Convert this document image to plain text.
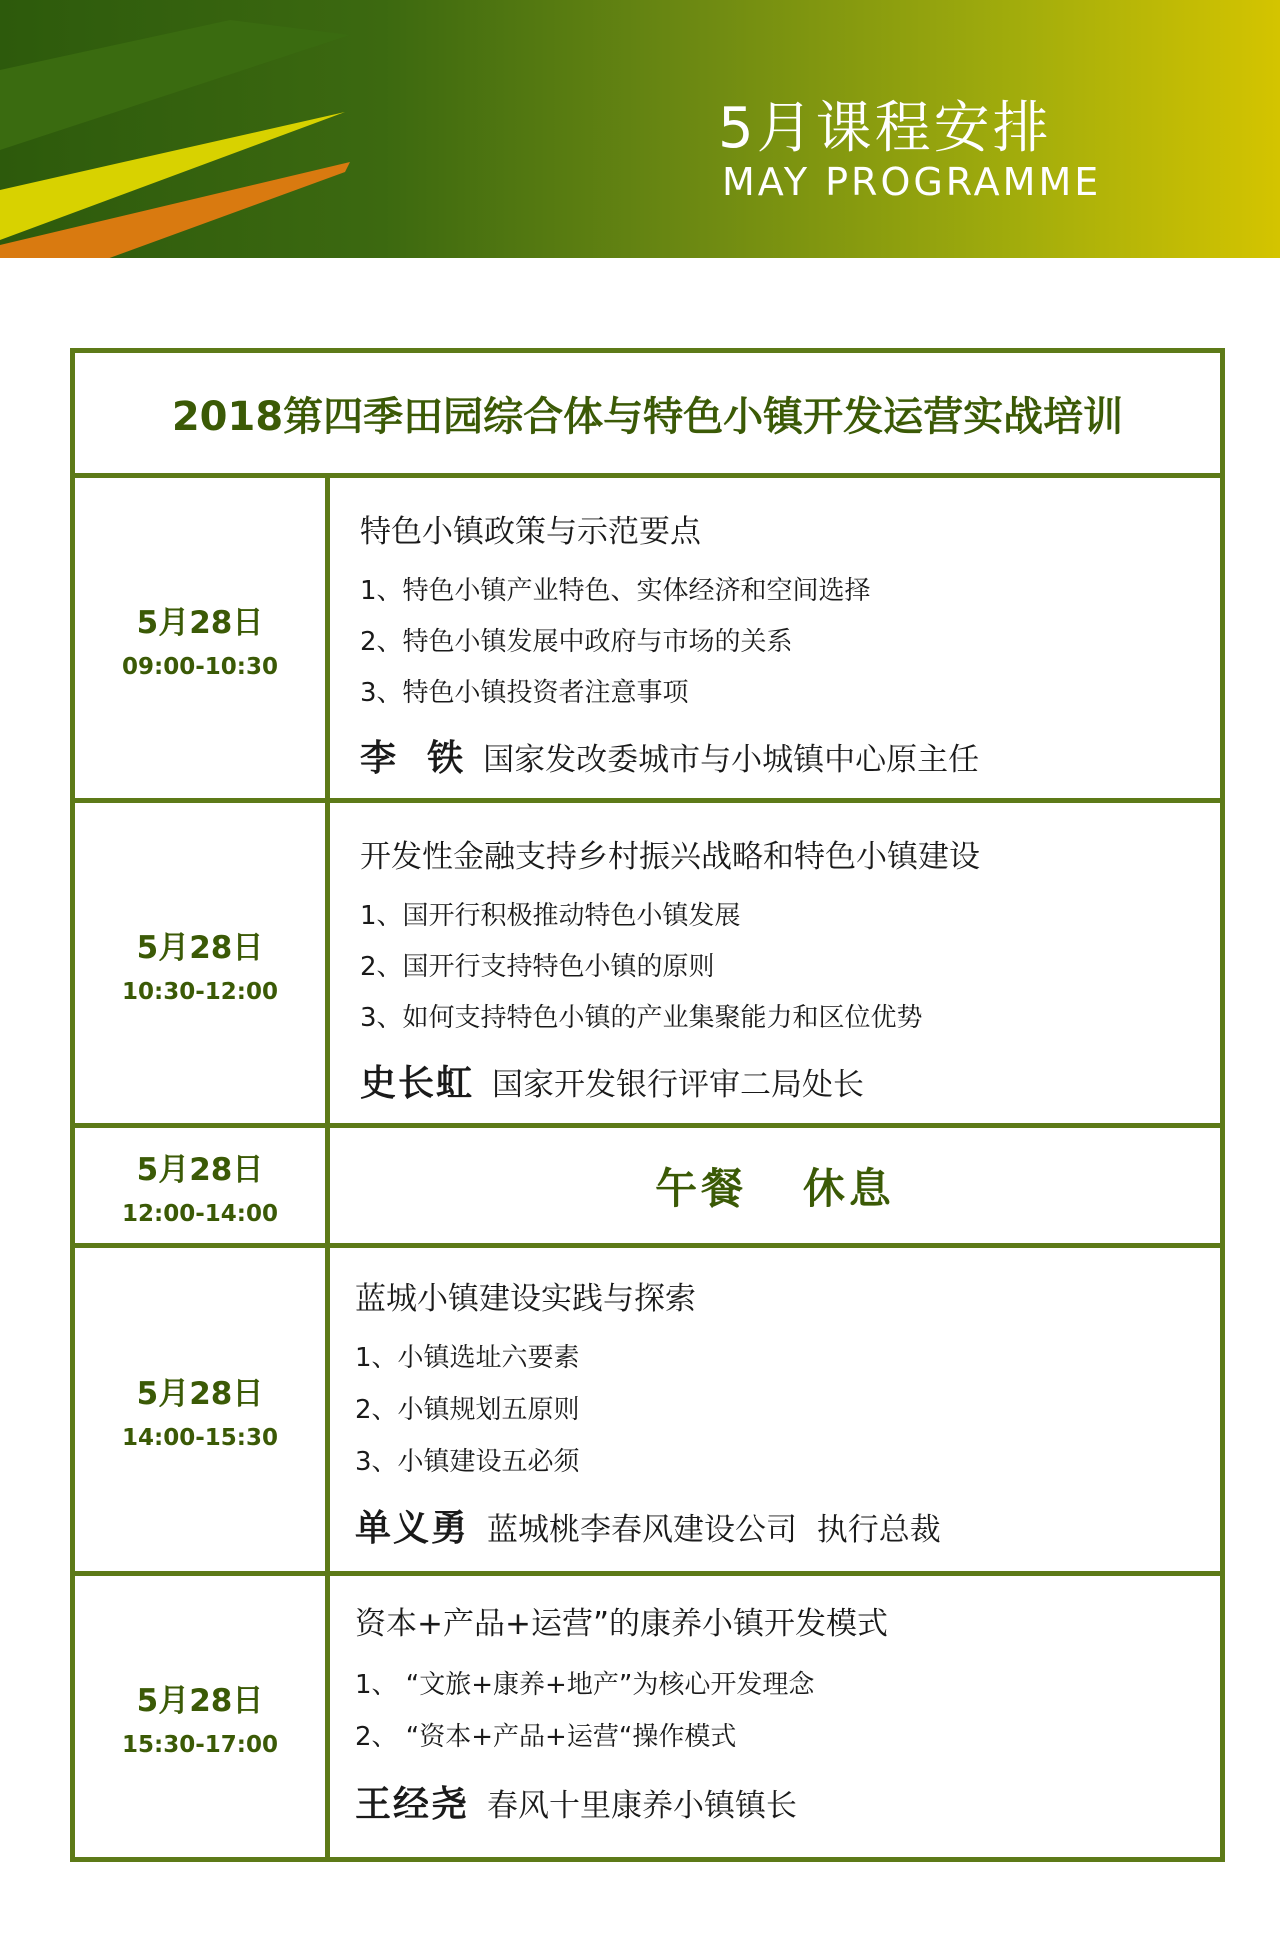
5月课程安排
MAY PROGRAMME
2018第四季田园综合体与特色小镇开发运营实战培训
5月28日
09:00-10:30
特色小镇政策与示范要点
1、特色小镇产业特色、实体经济和空间选择
2、特色小镇发展中政府与市场的关系
3、特色小镇投资者注意事项
李  铁 国家发改委城市与小城镇中心原主任
5月28日
10:30-12:00
开发性金融支持乡村振兴战略和特色小镇建设
1、国开行积极推动特色小镇发展
2、国开行支持特色小镇的原则
3、如何支持特色小镇的产业集聚能力和区位优势
史长虹 国家开发银行评审二局处长
5月28日
12:00-14:00
午餐   休息
5月28日
14:00-15:30
蓝城小镇建设实践与探索
1、小镇选址六要素
2、小镇规划五原则
3、小镇建设五必须
单义勇 蓝城桃李春风建设公司  执行总裁
5月28日
15:30-17:00
资本+产品+运营”的康养小镇开发模式
1、 “文旅+康养+地产”为核心开发理念
2、 “资本+产品+运营“操作模式
王经尧 春风十里康养小镇镇长
